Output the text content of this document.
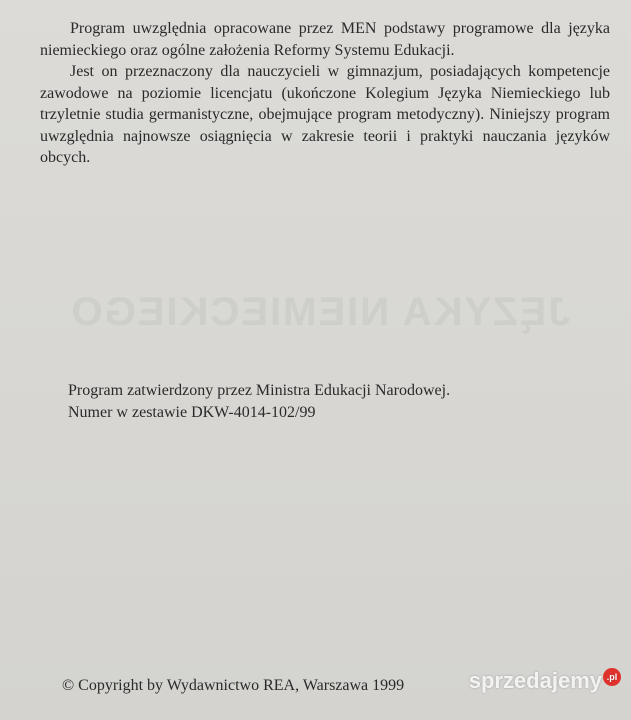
Program uwzględnia opracowane przez MEN podstawy programowe dla języka niemieckiego oraz ogólne założenia Reformy Systemu Edukacji.

Jest on przeznaczony dla nauczycieli w gimnazjum, posiadających kompetencje zawodowe na poziomie licencjatu (ukończone Kolegium Języka Niemieckiego lub trzyletnie studia germanistyczne, obejmujące program metodyczny). Niniejszy program uwzględnia najnowsze osiągnięcia w zakresie teorii i praktyki nauczania języków obcych.

JĘZYKA NIEMIECKIEGO
Program zatwierdzony przez Ministra Edukacji Narodowej.
Numer w zestawie DKW-4014-102/99
© Copyright by Wydawnictwo REA, Warszawa 1999	sprzedajemy .pl
